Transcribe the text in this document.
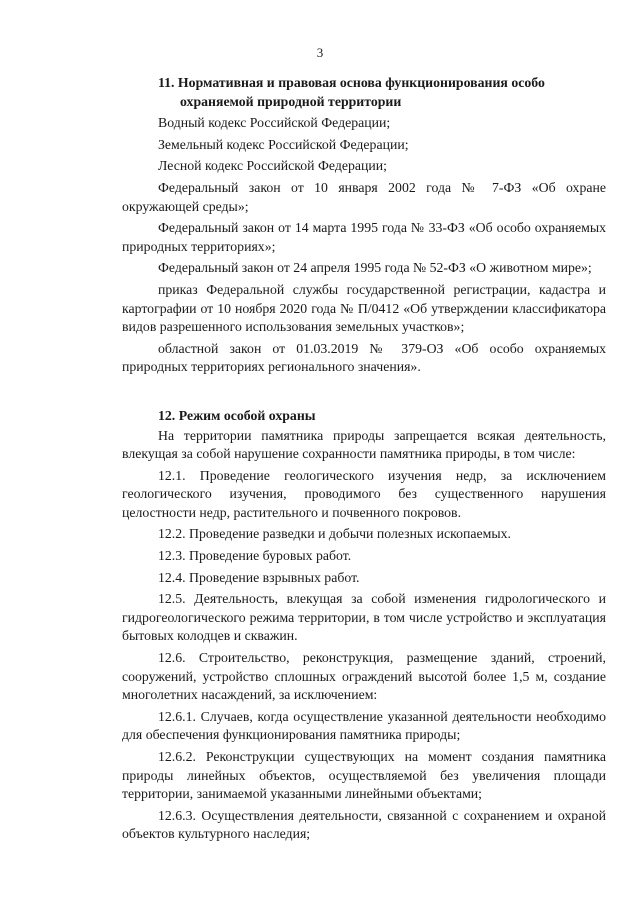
3

11. Нормативная и правовая основа функционирования особо
охраняемой природной территории

Водный кодекс Российской Федерации;

Земельный кодекс Российской Федерации;

Лесной кодекс Российской Федерации;

Федеральный закон от 10 января 2002 года № 7-ФЗ «Об охране окружающей среды»;

Федеральный закон от 14 марта 1995 года № 33-ФЗ «Об особо охраняемых природных территориях»;

Федеральный закон от 24 апреля 1995 года № 52-ФЗ «О животном мире»;

приказ Федеральной службы государственной регистрации, кадастра и картографии от 10 ноября 2020 года № П/0412 «Об утверждении классификатора видов разрешенного использования земельных участков»;

областной закон от 01.03.2019 № 379-ОЗ «Об особо охраняемых природных территориях регионального значения».

12. Режим особой охраны

На территории памятника природы запрещается всякая деятельность, влекущая за собой нарушение сохранности памятника природы, в том числе:

12.1. Проведение геологического изучения недр, за исключением геологического изучения, проводимого без существенного нарушения целостности недр, растительного и почвенного покровов.

12.2. Проведение разведки и добычи полезных ископаемых.

12.3. Проведение буровых работ.

12.4. Проведение взрывных работ.

12.5. Деятельность, влекущая за собой изменения гидрологического и гидрогеологического режима территории, в том числе устройство и эксплуатация бытовых колодцев и скважин.

12.6. Строительство, реконструкция, размещение зданий, строений, сооружений, устройство сплошных ограждений высотой более 1,5 м, создание многолетних насаждений, за исключением:

12.6.1. Случаев, когда осуществление указанной деятельности необходимо для обеспечения функционирования памятника природы;

12.6.2. Реконструкции существующих на момент создания памятника природы линейных объектов, осуществляемой без увеличения площади территории, занимаемой указанными линейными объектами;

12.6.3. Осуществления деятельности, связанной с сохранением и охраной объектов культурного наследия;
